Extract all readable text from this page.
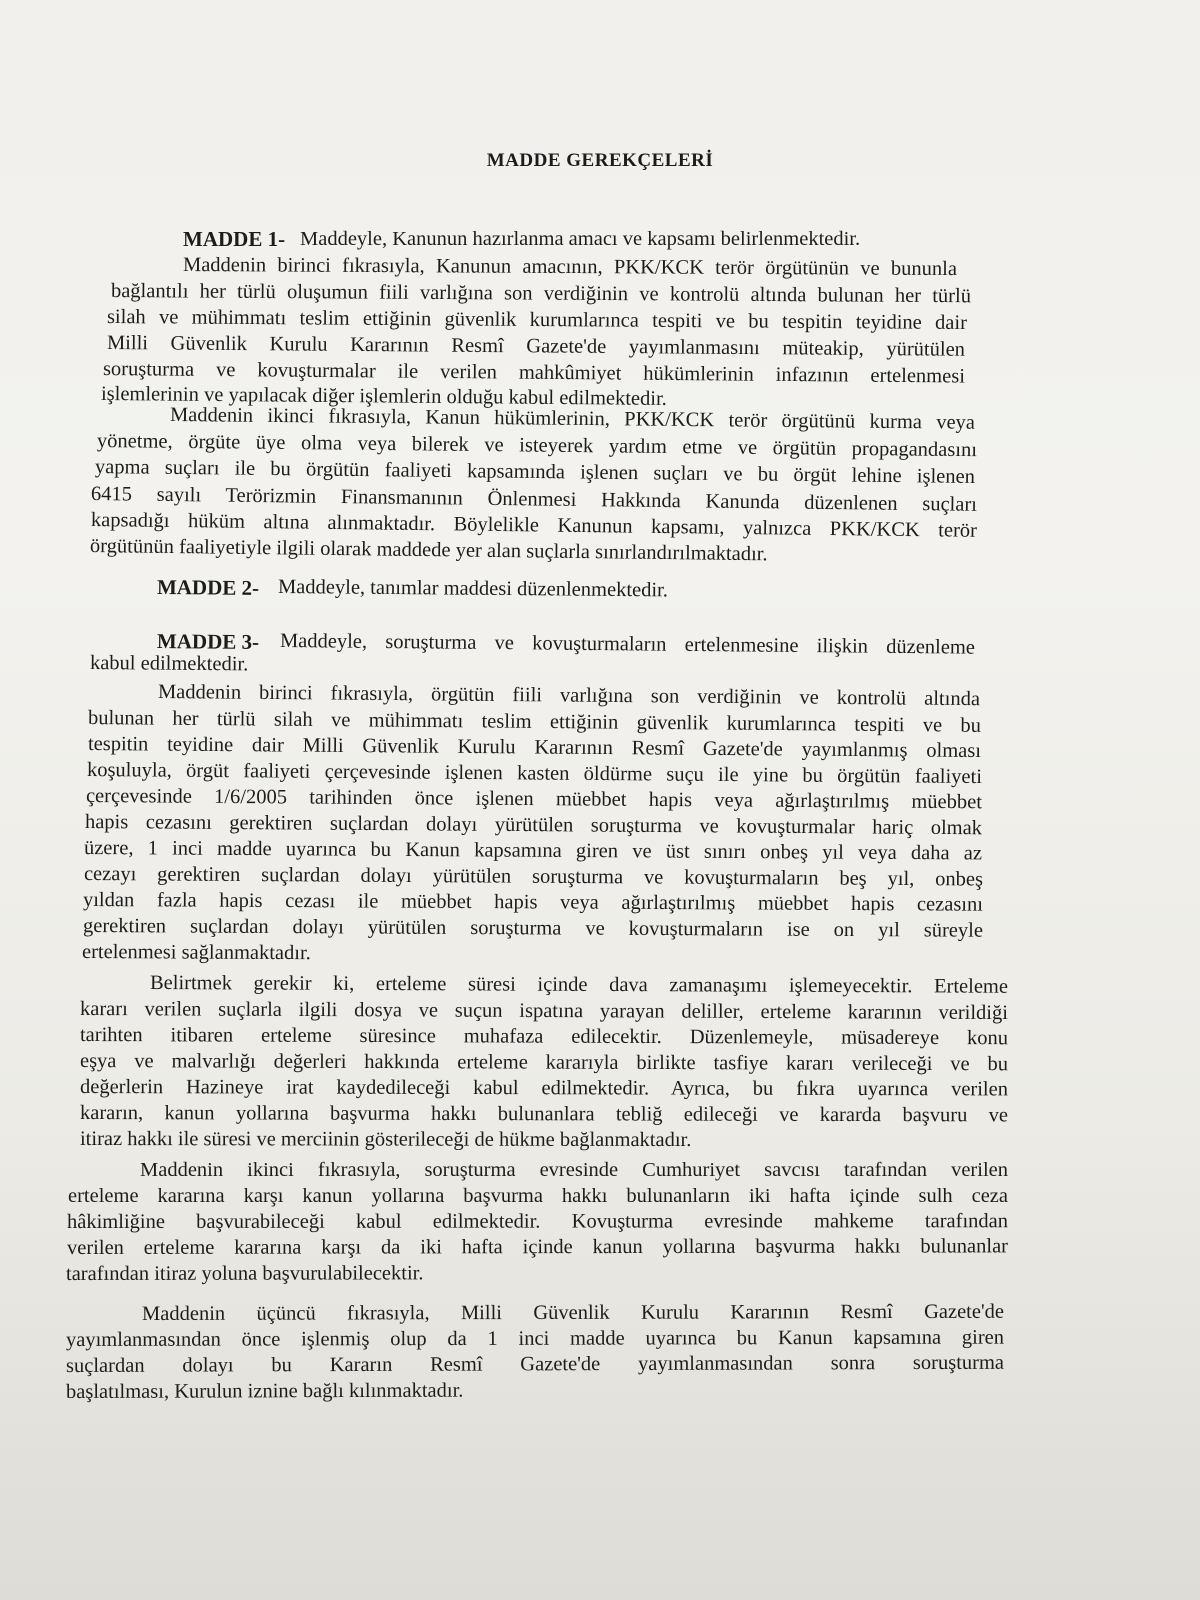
MADDE GEREKÇELERİ
MADDE 1- Maddeyle, Kanunun hazırlanma amacı ve kapsamı belirlenmektedir.
Maddenin birinci fıkrasıyla, Kanunun amacının, PKK/KCK terör örgütünün ve bununla
bağlantılı her türlü oluşumun fiili varlığına son verdiğinin ve kontrolü altında bulunan her türlü
silah ve mühimmatı teslim ettiğinin güvenlik kurumlarınca tespiti ve bu tespitin teyidine dair
Milli Güvenlik Kurulu Kararının Resmî Gazete'de yayımlanmasını müteakip, yürütülen
soruşturma ve kovuşturmalar ile verilen mahkûmiyet hükümlerinin infazının ertelenmesi
işlemlerinin ve yapılacak diğer işlemlerin olduğu kabul edilmektedir.
Maddenin ikinci fıkrasıyla, Kanun hükümlerinin, PKK/KCK terör örgütünü kurma veya
yönetme, örgüte üye olma veya bilerek ve isteyerek yardım etme ve örgütün propagandasını
yapma suçları ile bu örgütün faaliyeti kapsamında işlenen suçları ve bu örgüt lehine işlenen
6415 sayılı Terörizmin Finansmanının Önlenmesi Hakkında Kanunda düzenlenen suçları
kapsadığı hüküm altına alınmaktadır. Böylelikle Kanunun kapsamı, yalnızca PKK/KCK terör
örgütünün faaliyetiyle ilgili olarak maddede yer alan suçlarla sınırlandırılmaktadır.
MADDE 2- Maddeyle, tanımlar maddesi düzenlenmektedir.
MADDE 3- Maddeyle, soruşturma ve kovuşturmaların ertelenmesine ilişkin düzenleme
kabul edilmektedir.
Maddenin birinci fıkrasıyla, örgütün fiili varlığına son verdiğinin ve kontrolü altında
bulunan her türlü silah ve mühimmatı teslim ettiğinin güvenlik kurumlarınca tespiti ve bu
tespitin teyidine dair Milli Güvenlik Kurulu Kararının Resmî Gazete'de yayımlanmış olması
koşuluyla, örgüt faaliyeti çerçevesinde işlenen kasten öldürme suçu ile yine bu örgütün faaliyeti
çerçevesinde 1/6/2005 tarihinden önce işlenen müebbet hapis veya ağırlaştırılmış müebbet
hapis cezasını gerektiren suçlardan dolayı yürütülen soruşturma ve kovuşturmalar hariç olmak
üzere, 1 inci madde uyarınca bu Kanun kapsamına giren ve üst sınırı onbeş yıl veya daha az
cezayı gerektiren suçlardan dolayı yürütülen soruşturma ve kovuşturmaların beş yıl, onbeş
yıldan fazla hapis cezası ile müebbet hapis veya ağırlaştırılmış müebbet hapis cezasını
gerektiren suçlardan dolayı yürütülen soruşturma ve kovuşturmaların ise on yıl süreyle
ertelenmesi sağlanmaktadır.
Belirtmek gerekir ki, erteleme süresi içinde dava zamanaşımı işlemeyecektir. Erteleme
kararı verilen suçlarla ilgili dosya ve suçun ispatına yarayan deliller, erteleme kararının verildiği
tarihten itibaren erteleme süresince muhafaza edilecektir. Düzenlemeyle, müsadereye konu
eşya ve malvarlığı değerleri hakkında erteleme kararıyla birlikte tasfiye kararı verileceği ve bu
değerlerin Hazineye irat kaydedileceği kabul edilmektedir. Ayrıca, bu fıkra uyarınca verilen
kararın, kanun yollarına başvurma hakkı bulunanlara tebliğ edileceği ve kararda başvuru ve
itiraz hakkı ile süresi ve merciinin gösterileceği de hükme bağlanmaktadır.
Maddenin ikinci fıkrasıyla, soruşturma evresinde Cumhuriyet savcısı tarafından verilen
erteleme kararına karşı kanun yollarına başvurma hakkı bulunanların iki hafta içinde sulh ceza
hâkimliğine başvurabileceği kabul edilmektedir. Kovuşturma evresinde mahkeme tarafından
verilen erteleme kararına karşı da iki hafta içinde kanun yollarına başvurma hakkı bulunanlar
tarafından itiraz yoluna başvurulabilecektir.
Maddenin üçüncü fıkrasıyla, Milli Güvenlik Kurulu Kararının Resmî Gazete'de
yayımlanmasından önce işlenmiş olup da 1 inci madde uyarınca bu Kanun kapsamına giren
suçlardan dolayı bu Kararın Resmî Gazete'de yayımlanmasından sonra soruşturma
başlatılması, Kurulun iznine bağlı kılınmaktadır.
